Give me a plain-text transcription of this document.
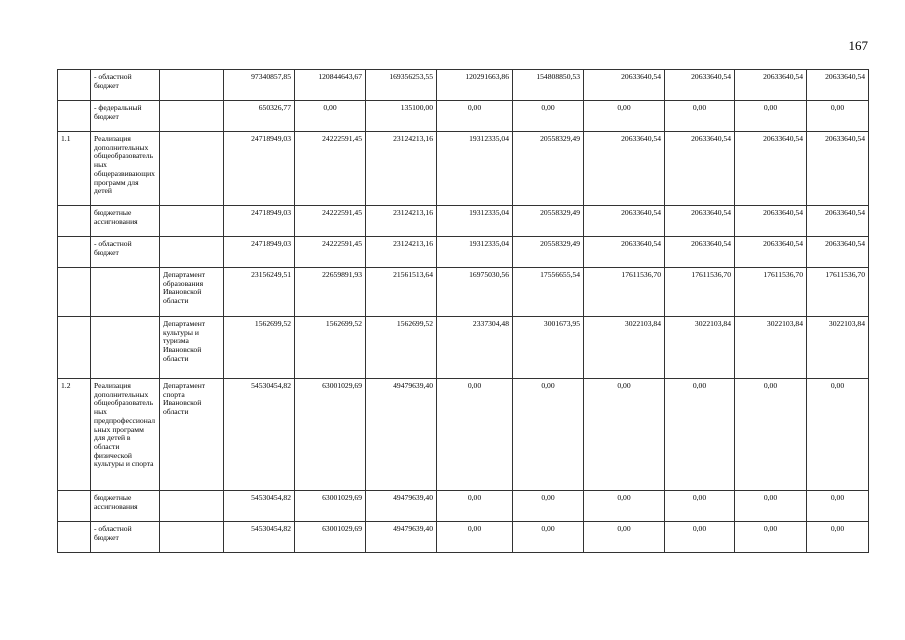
167
	- областной бюджет		97340857,85	120844643,67	169356253,55	120291663,86	154808850,53	20633640,54	20633640,54	20633640,54	20633640,54
	- федеральный бюджет		650326,77	0,00	135100,00	0,00	0,00	0,00	0,00	0,00	0,00
1.1	Реализация дополнительных общеобразовательных общеразвивающих программ для детей		24718949,03	24222591,45	23124213,16	19312335,04	20558329,49	20633640,54	20633640,54	20633640,54	20633640,54
	бюджетные ассигнования		24718949,03	24222591,45	23124213,16	19312335,04	20558329,49	20633640,54	20633640,54	20633640,54	20633640,54
	- областной бюджет		24718949,03	24222591,45	23124213,16	19312335,04	20558329,49	20633640,54	20633640,54	20633640,54	20633640,54
		Департамент образования Ивановской области	23156249,51	22659891,93	21561513,64	16975030,56	17556655,54	17611536,70	17611536,70	17611536,70	17611536,70
		Департамент культуры и туризма Ивановской области	1562699,52	1562699,52	1562699,52	2337304,48	3001673,95	3022103,84	3022103,84	3022103,84	3022103,84
1.2	Реализация дополнительных общеобразовательных предпрофессиональных программ для детей в области физической культуры и спорта	Департамент спорта Ивановской области	54530454,82	63001029,69	49479639,40	0,00	0,00	0,00	0,00	0,00	0,00
	бюджетные ассигнования		54530454,82	63001029,69	49479639,40	0,00	0,00	0,00	0,00	0,00	0,00
	- областной бюджет		54530454,82	63001029,69	49479639,40	0,00	0,00	0,00	0,00	0,00	0,00
